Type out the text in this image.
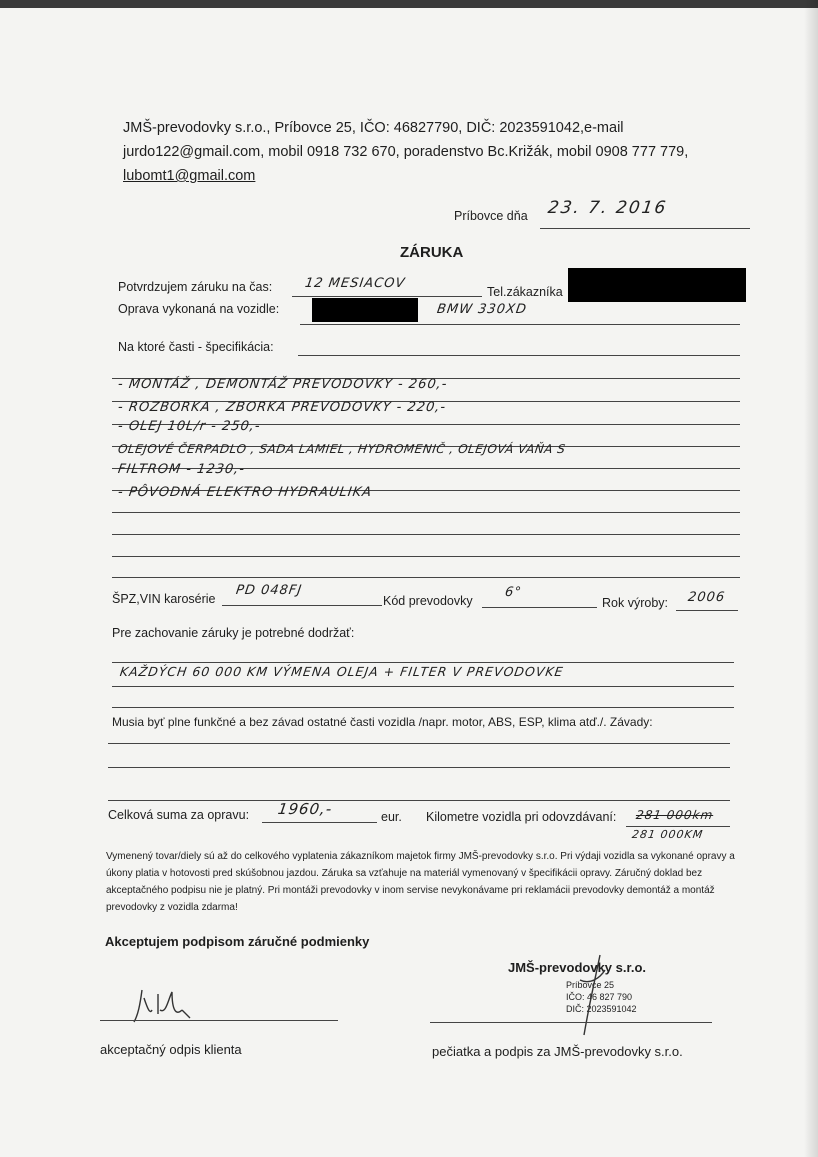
JMŠ-prevodovky s.r.o., Príbovce 25, IČO: 46827790, DIČ: 2023591042,e-mail
jurdo122@gmail.com, mobil 0918 732 670, poradenstvo Bc.Križák, mobil 0908 777 779,
lubomt1@gmail.com
Príbovce dňa 23. 7. 2016
ZÁRUKA
Potvrdzujem záruku na čas: 12 MESIACOV
Tel.zákazníka
Oprava vykonaná na vozidle:	BMW 330XD
Na ktoré časti - špecifikácia:
- MONTÁŽ , DEMONTÁŽ PREVODOVKY - 260,-
- ROZBORKA , ZBORKA PREVODOVKY - 220,-
- OLEJ 10L/r - 250,-
OLEJOVÉ ČERPADLO , SADA LAMIEL , HYDROMENIČ , OLEJOVÁ VAŇA S
FILTROM - 1230,-
- PÔVODNÁ ELEKTRO HYDRAULIKA
ŠPZ,VIN karosérie
PD 048FJ
Kód prevodovky
6°
Rok výroby: 2006
Pre zachovanie záruky je potrebné dodržať:
KAŽDÝCH 60 000 KM VÝMENA OLEJA + FILTER V PREVODOVKE
Musia byť plne funkčné a bez závad ostatné časti vozidla /napr. motor, ABS, ESP, klima atď./. Závady:
Celková suma za opravu: 1960,-	eur. Kilometre vozidla pri odovzdávaní: 281 000km
281 000KM
Vymenený tovar/diely sú až do celkového vyplatenia zákazníkom majetok firmy JMŠ-prevodovky s.r.o. Pri výdaji vozidla sa vykonané opravy a úkony platia v hotovosti pred skúšobnou jazdou. Záruka sa vzťahuje na materiál vymenovaný v špecifikácii opravy. Záručný doklad bez akceptačného podpisu nie je platný. Pri montáži prevodovky v inom servise nevykonávame pri reklamácii prevodovky demontáž a montáž prevodovky z vozidla zdarma!
Akceptujem podpisom záručné podmienky
JMŠ-prevodovky s.r.o.
Príbovce 25
IČO: 46 827 790
DIČ: 2023591042
akceptačný odpis klienta	pečiatka a podpis za JMŠ-prevodovky s.r.o.
